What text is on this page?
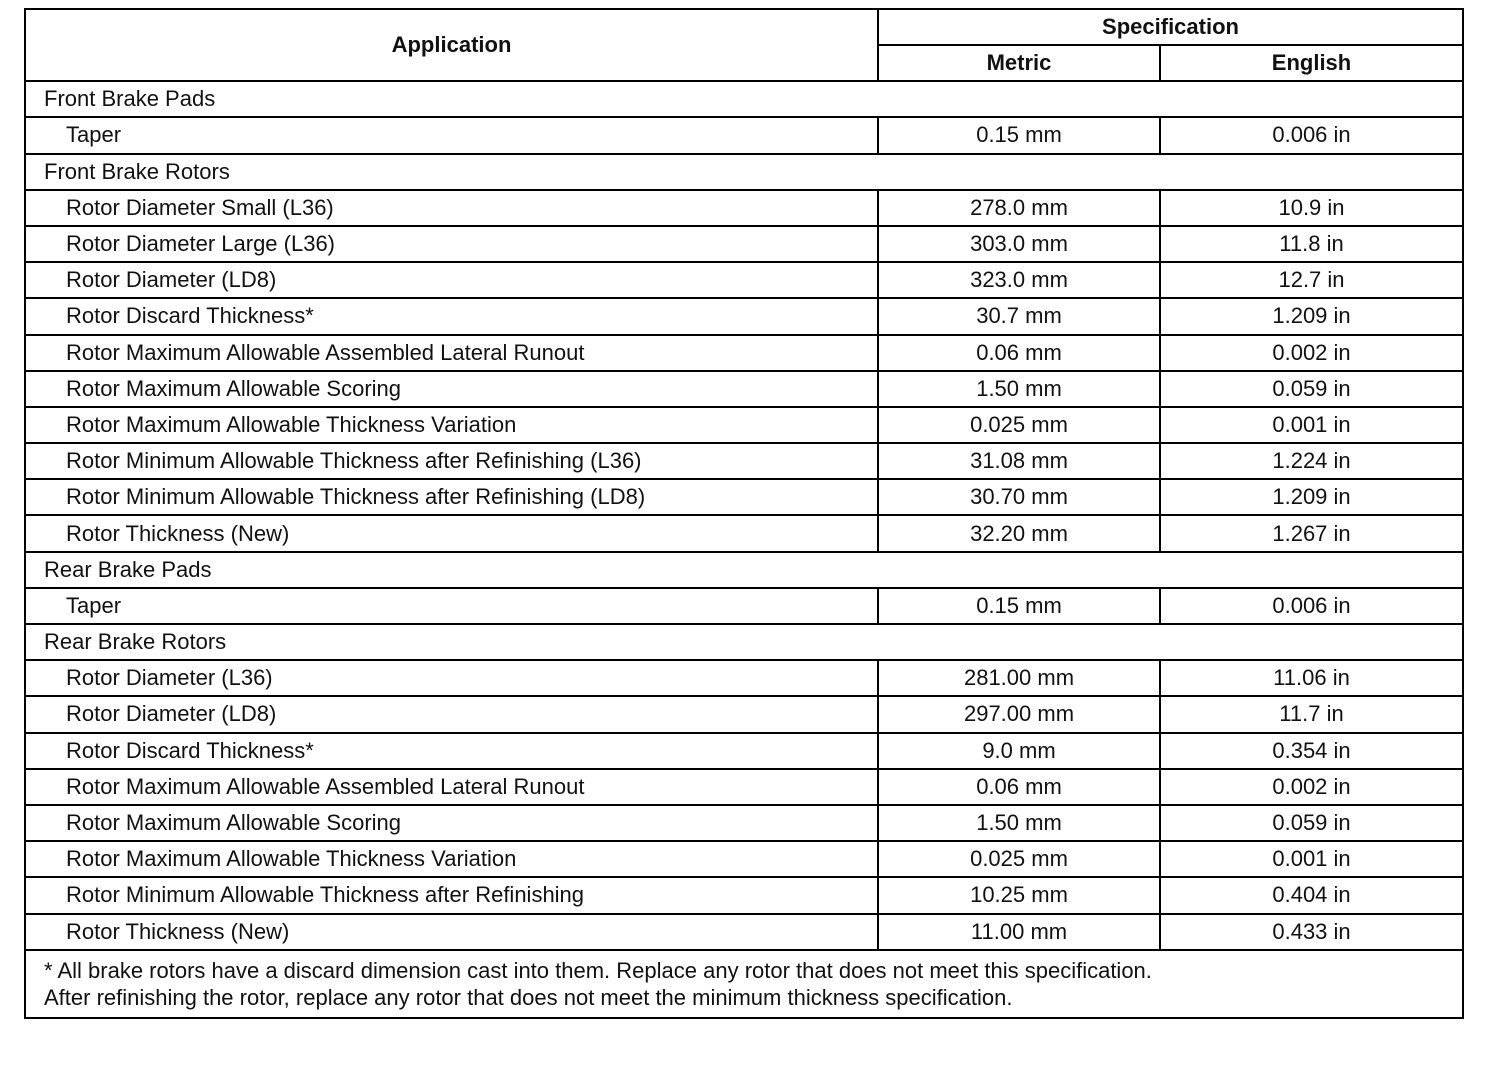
Application	Specification	
	Metric	English
Front Brake Pads		
Taper	0.15 mm	0.006 in
Front Brake Rotors		
Rotor Diameter Small (L36)	278.0 mm	10.9 in
Rotor Diameter Large (L36)	303.0 mm	11.8 in
Rotor Diameter (LD8)	323.0 mm	12.7 in
Rotor Discard Thickness*	30.7 mm	1.209 in
Rotor Maximum Allowable Assembled Lateral Runout	0.06 mm	0.002 in
Rotor Maximum Allowable Scoring	1.50 mm	0.059 in
Rotor Maximum Allowable Thickness Variation	0.025 mm	0.001 in
Rotor Minimum Allowable Thickness after Refinishing (L36)	31.08 mm	1.224 in
Rotor Minimum Allowable Thickness after Refinishing (LD8)	30.70 mm	1.209 in
Rotor Thickness (New)	32.20 mm	1.267 in
Rear Brake Pads		
Taper	0.15 mm	0.006 in
Rear Brake Rotors		
Rotor Diameter (L36)	281.00 mm	11.06 in
Rotor Diameter (LD8)	297.00 mm	11.7 in
Rotor Discard Thickness*	9.0 mm	0.354 in
Rotor Maximum Allowable Assembled Lateral Runout	0.06 mm	0.002 in
Rotor Maximum Allowable Scoring	1.50 mm	0.059 in
Rotor Maximum Allowable Thickness Variation	0.025 mm	0.001 in
Rotor Minimum Allowable Thickness after Refinishing	10.25 mm	0.404 in
Rotor Thickness (New)	11.00 mm	0.433 in

* All brake rotors have a discard dimension cast into them. Replace any rotor that does not meet this specification.
After refinishing the rotor, replace any rotor that does not meet the minimum thickness specification.		
